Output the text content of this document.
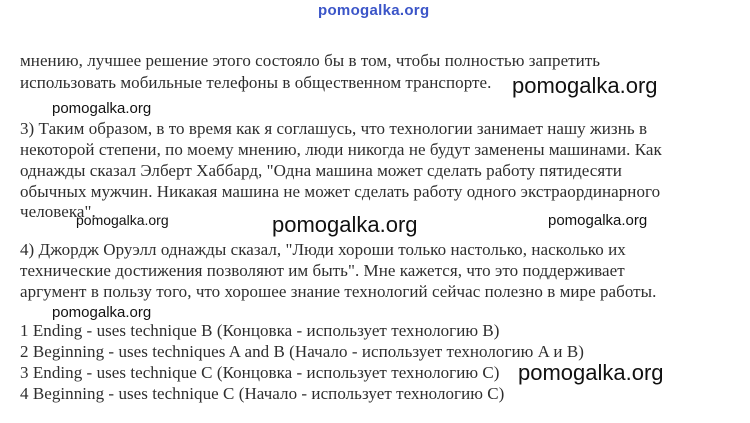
pomogalka.org
мнению, лучшее решение этого состояло бы в том, чтобы полностью запретить
использовать мобильные телефоны в общественном транспорте. pomogalka.org
pomogalka.org
3) Таким образом, в то время как я соглашусь, что технологии занимает нашу жизнь в
некоторой степени, по моему мнению, люди никогда не будут заменены машинами. Как
однажды сказал Элберт Хаббард, "Одна машина может сделать работу пятидесяти
обычных мужчин. Никакая машина не может сделать работу одного экстраординарного
человека".
pomogalka.org	pomogalka.org	pomogalka.org
4) Джордж Оруэлл однажды сказал, "Люди хороши только настолько, насколько их
технические достижения позволяют им быть". Мне кажется, что это поддерживает
аргумент в пользу того, что хорошее знание технологий сейчас полезно в мире работы.
pomogalka.org
1 Ending - uses technique B (Концовка - использует технологию B)
2 Beginning - uses techniques A and B (Начало - использует технологию A и B)
3 Ending - uses technique C (Концовка - использует технологию C)
4 Beginning - uses technique C (Начало - использует технологию C)
pomogalka.org
